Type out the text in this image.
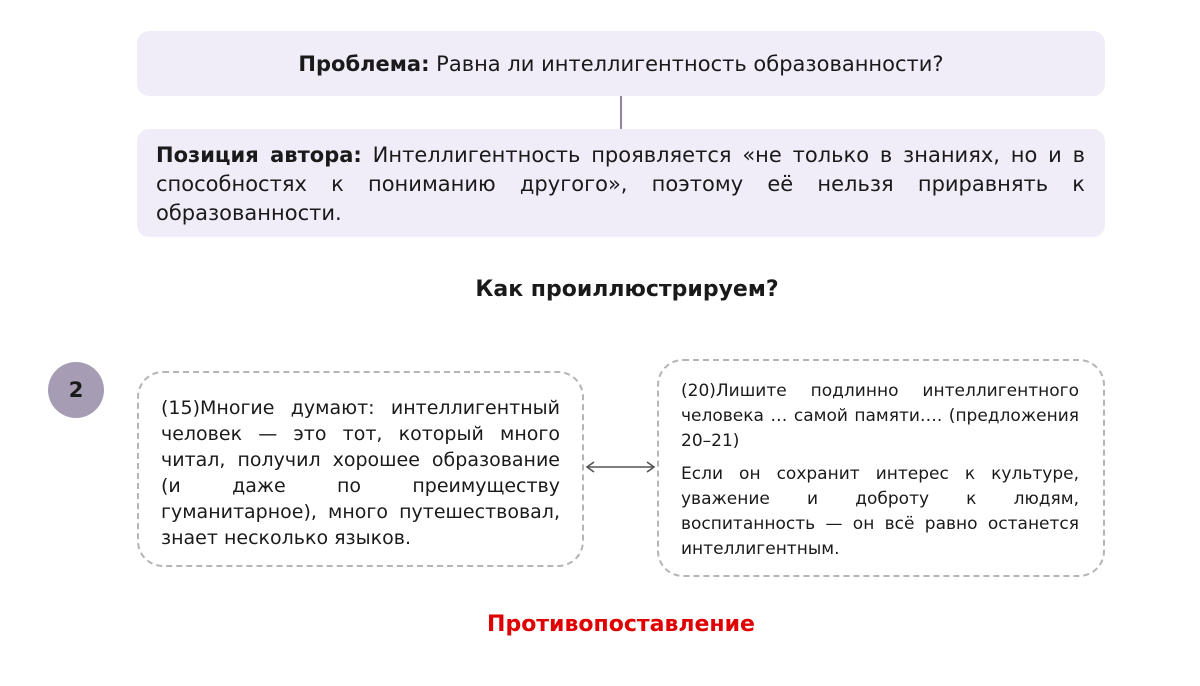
Проблема:
Равна ли интеллигентность образованности?
Позиция автора: Интеллигентность проявляется «не только в знаниях, но и в способностях к пониманию другого», поэтому её нельзя приравнять к образованности.
Как проиллюстрируем?
2
(15)Многие думают: интеллигентный человек — это тот, который много читал, получил хорошее образование (и даже по преимуществу гуманитарное), много путешествовал, знает несколько языков.

(20)Лишите подлинно интеллигентного человека … самой памяти…. (предложения 20–21)

Если он сохранит интерес к культуре, уважение и доброту к людям, воспитанность — он всё равно останется интеллигентным.

Противопоставление
